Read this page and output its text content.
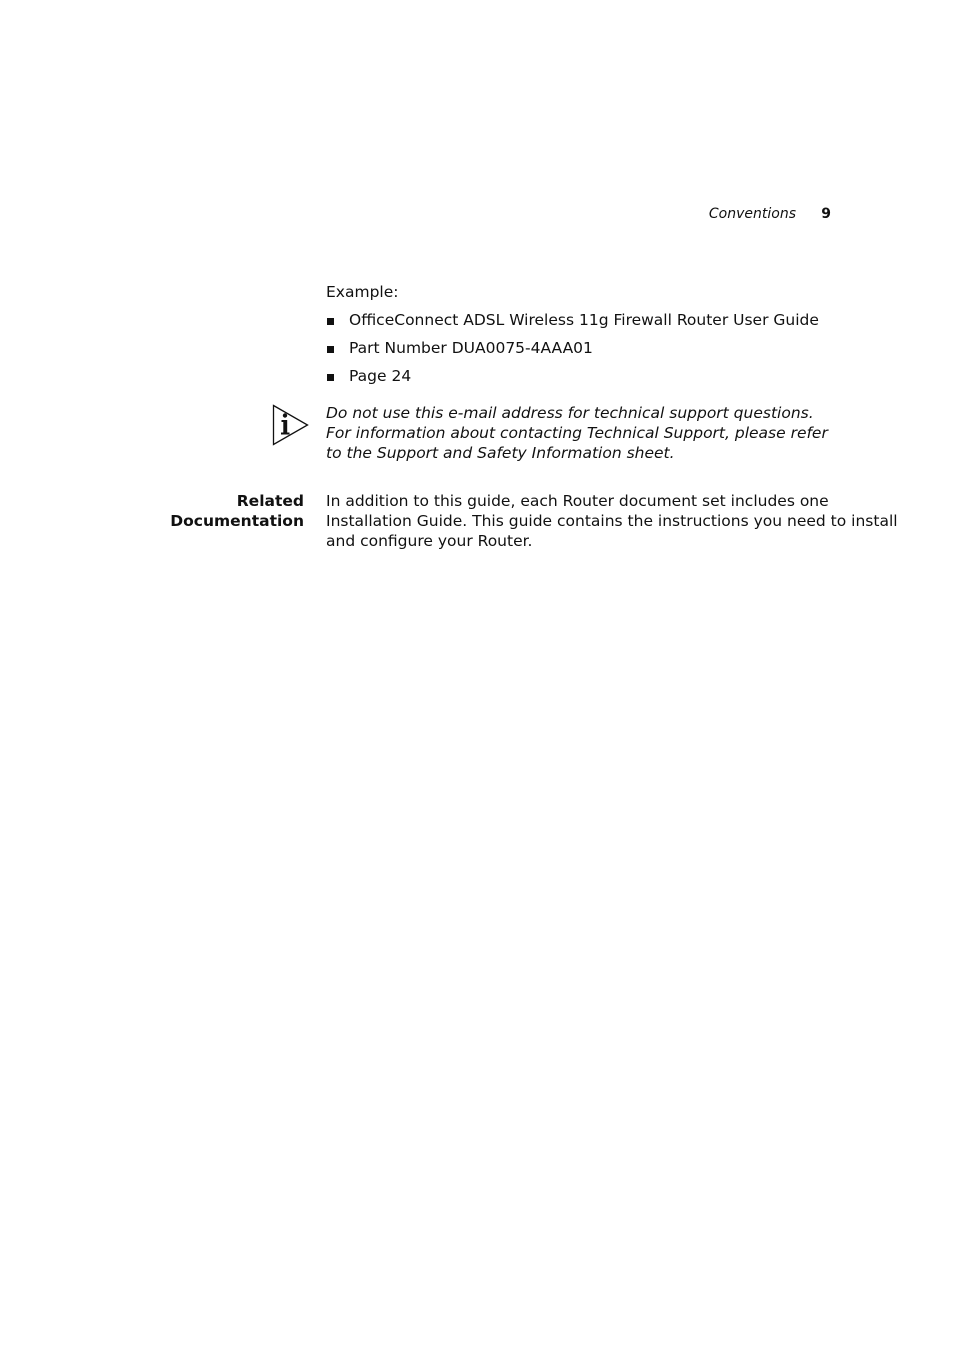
Conventions 9
Example:
OfficeConnect ADSL Wireless 11g Firewall Router User Guide
Part Number DUA0075-4AAA01
Page 24
Do not use this e-mail address for technical support questions. For information about contacting Technical Support, please refer to the Support and Safety Information sheet.
Related
Documentation
In addition to this guide, each Router document set includes one
Installation Guide. This guide contains the instructions you need to install
and configure your Router.
